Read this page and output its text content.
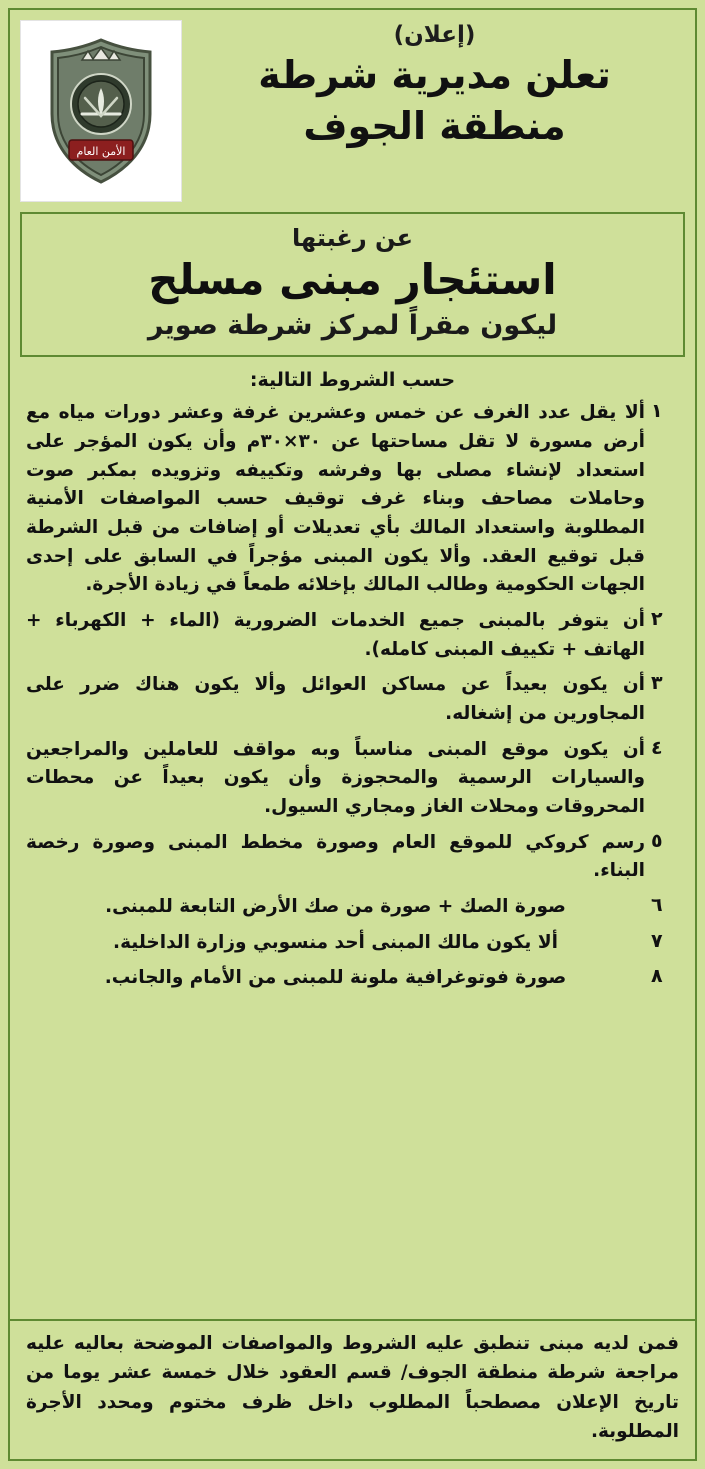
(إعلان)
تعلن مديرية شرطة
منطقة الجوف
الأمن العام
عن رغبتها
استئجار مبنى مسلح
ليكون مقراً لمركز شرطة صوير
حسب الشروط التالية:
١
ألا يقل عدد الغرف عن خمس وعشرين غرفة وعشر دورات مياه مع أرض مسورة لا تقل مساحتها عن ٣٠×٣٠م وأن يكون المؤجر على استعداد لإنشاء مصلى بها وفرشه وتكييفه وتزويده بمكبر صوت وحاملات مصاحف وبناء غرف توقيف حسب المواصفات الأمنية المطلوبة واستعداد المالك بأي تعديلات أو إضافات من قبل الشرطة قبل توقيع العقد. وألا يكون المبنى مؤجراً في السابق على إحدى الجهات الحكومية وطالب المالك بإخلائه طمعاً في زيادة الأجرة.
٢
أن يتوفر بالمبنى جميع الخدمات الضرورية (الماء + الكهرباء + الهاتف + تكييف المبنى كامله).
٣
أن يكون بعيداً عن مساكن العوائل وألا يكون هناك ضرر على المجاورين من إشغاله.
٤
أن يكون موقع المبنى مناسباً وبه مواقف للعاملين والمراجعين والسيارات الرسمية والمحجوزة وأن يكون بعيداً عن محطات المحروقات ومحلات الغاز ومجاري السيول.
٥
رسم كروكي للموقع العام وصورة مخطط المبنى وصورة رخصة البناء.
٦
صورة الصك + صورة من صك الأرض التابعة للمبنى.
٧
ألا يكون مالك المبنى أحد منسوبي وزارة الداخلية.
٨
صورة فوتوغرافية ملونة للمبنى من الأمام والجانب.
فمن لديه مبنى تنطبق عليه الشروط والمواصفات الموضحة بعاليه عليه مراجعة شرطة منطقة الجوف/ قسم العقود خلال خمسة عشر يوما من تاريخ الإعلان مصطحباً المطلوب داخل ظرف مختوم ومحدد الأجرة المطلوبة.
